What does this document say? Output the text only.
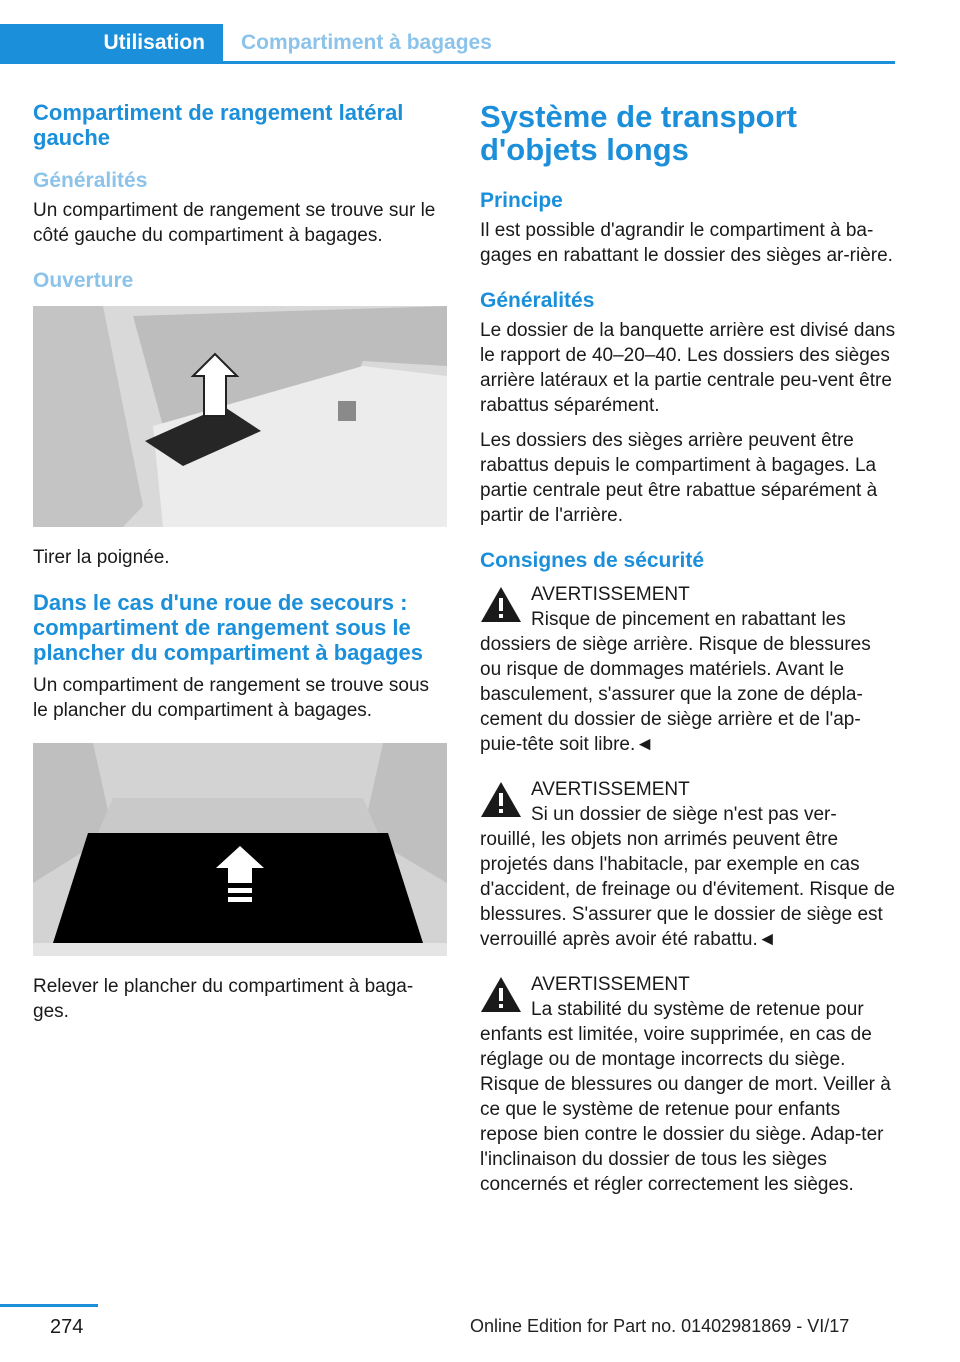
Utilisation Compartiment à bagages
Compartiment de rangement latéral gauche
Généralités

Un compartiment de rangement se trouve sur le côté gauche du compartiment à bagages.

Ouverture

Tirer la poignée.

Dans le cas d'une roue de secours : compartiment de rangement sous le plancher du compartiment à bagages

Un compartiment de rangement se trouve sous le plancher du compartiment à bagages.

Relever le plancher du compartiment à baga-ges.

Système de transport d'objets longs
Principe

Il est possible d'agrandir le compartiment à ba-gages en rabattant le dossier des sièges ar-rière.

Généralités

Le dossier de la banquette arrière est divisé dans le rapport de 40–20–40. Les dossiers des sièges arrière latéraux et la partie centrale peu-vent être rabattus séparément.

Les dossiers des sièges arrière peuvent être rabattus depuis le compartiment à bagages. La partie centrale peut être rabattue séparément à partir de l'arrière.

Consignes de sécurité
AVERTISSEMENT
Risque de pincement en rabattant les
dossiers de siège arrière. Risque de blessures ou risque de dommages matériels. Avant le basculement, s'assurer que la zone de dépla-cement du dossier de siège arrière et de l'ap-puie-tête soit libre.◄
AVERTISSEMENT
Si un dossier de siège n'est pas ver-
rouillé, les objets non arrimés peuvent être projetés dans l'habitacle, par exemple en cas d'accident, de freinage ou d'évitement. Risque de blessures. S'assurer que le dossier de siège est verrouillé après avoir été rabattu.◄
AVERTISSEMENT
La stabilité du système de retenue pour
enfants est limitée, voire supprimée, en cas de réglage ou de montage incorrects du siège. Risque de blessures ou danger de mort. Veiller à ce que le système de retenue pour enfants repose bien contre le dossier du siège. Adap-ter l'inclinaison du dossier de tous les sièges concernés et régler correctement les sièges.
274	Online Edition for Part no. 01402981869 - VI/17
